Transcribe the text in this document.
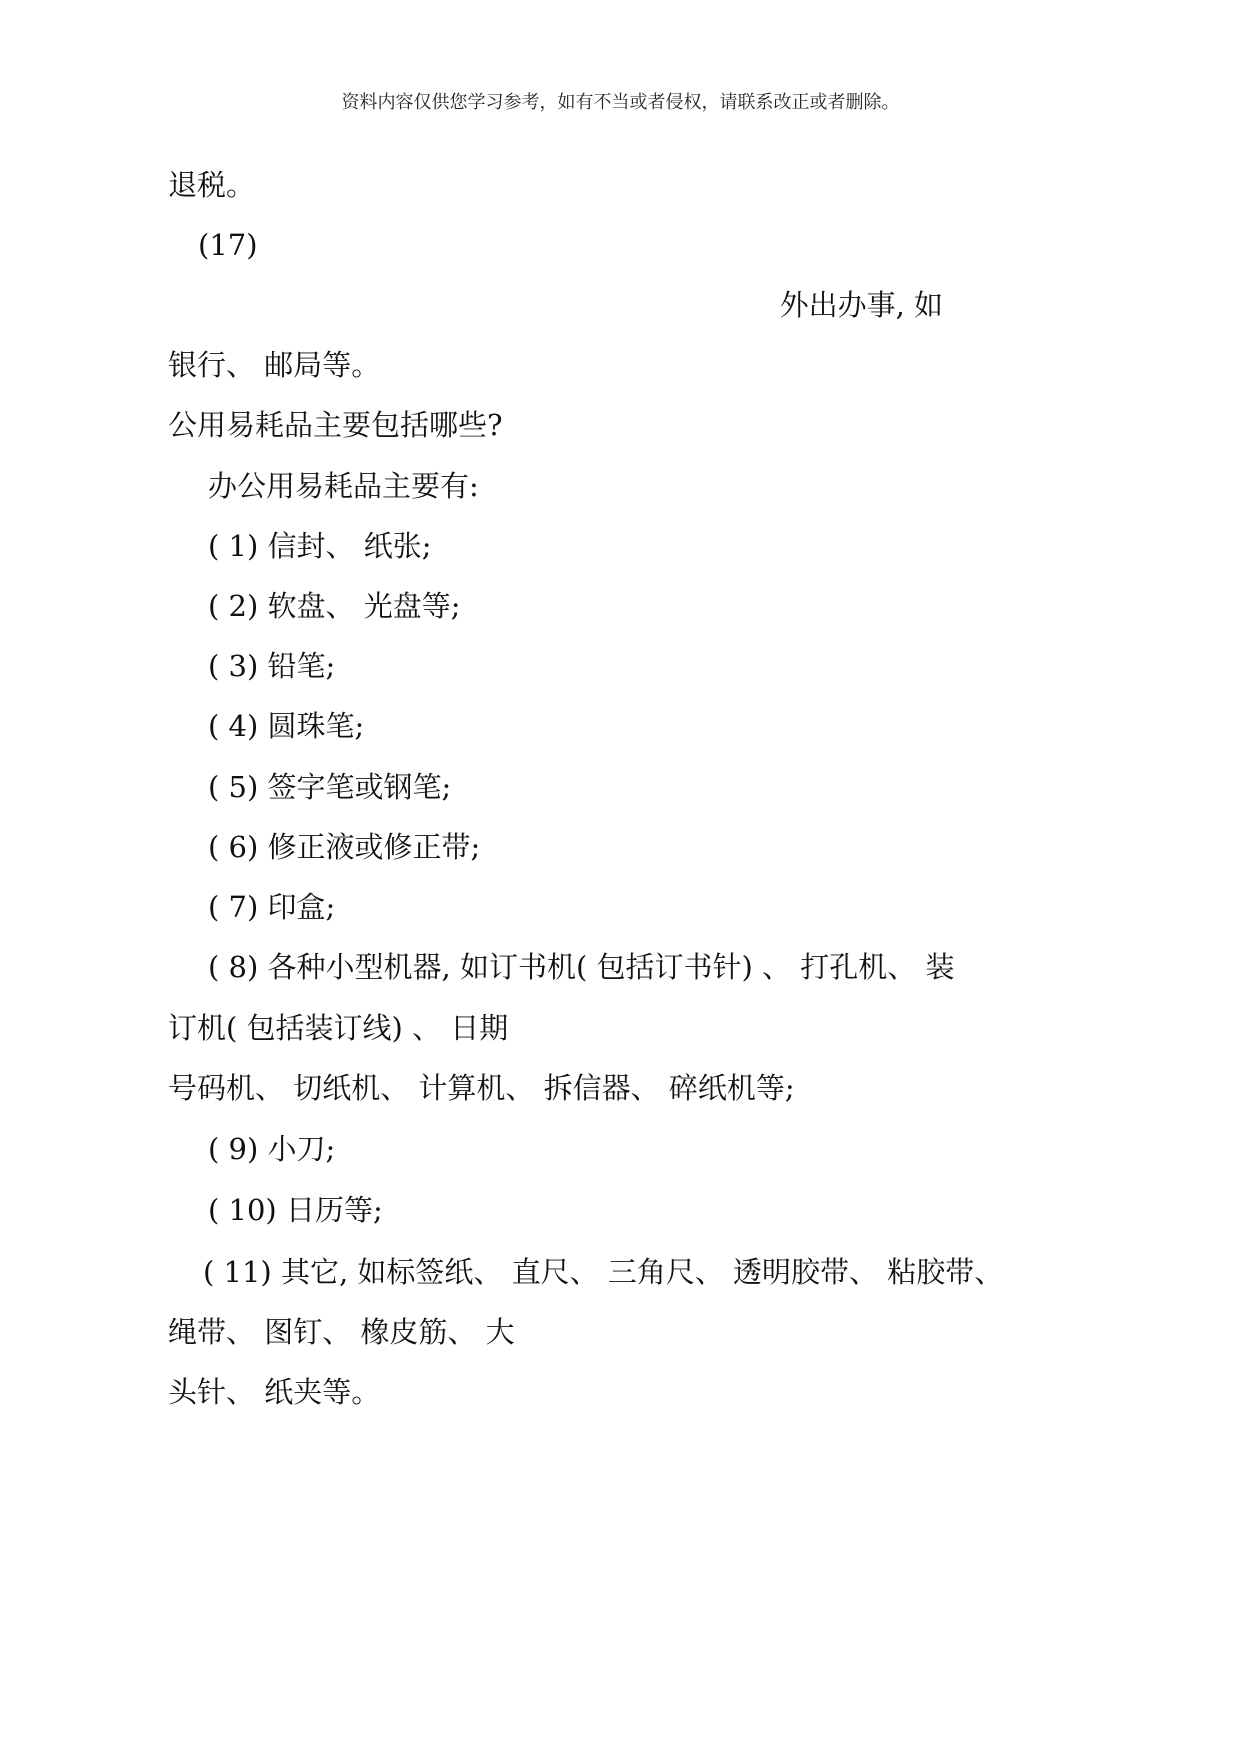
资料内容仅供您学习参考，如有不当或者侵权，请联系改正或者删除。
退税。
(17)
外出办事, 如
银行、 邮局等。
公用易耗品主要包括哪些?
办公用易耗品主要有:
( 1) 信封、 纸张;
( 2) 软盘、 光盘等;
( 3) 铅笔;
( 4) 圆珠笔;
( 5) 签字笔或钢笔;
( 6) 修正液或修正带;
( 7) 印盒;
( 8) 各种小型机器, 如订书机( 包括订书针) 、 打孔机、 装
订机( 包括装订线) 、 日期
号码机、 切纸机、 计算机、 拆信器、 碎纸机等;
( 9) 小刀;
( 10) 日历等;
( 11) 其它, 如标签纸、 直尺、 三角尺、 透明胶带、 粘胶带、
绳带、 图钉、 橡皮筋、 大
头针、 纸夹等。
